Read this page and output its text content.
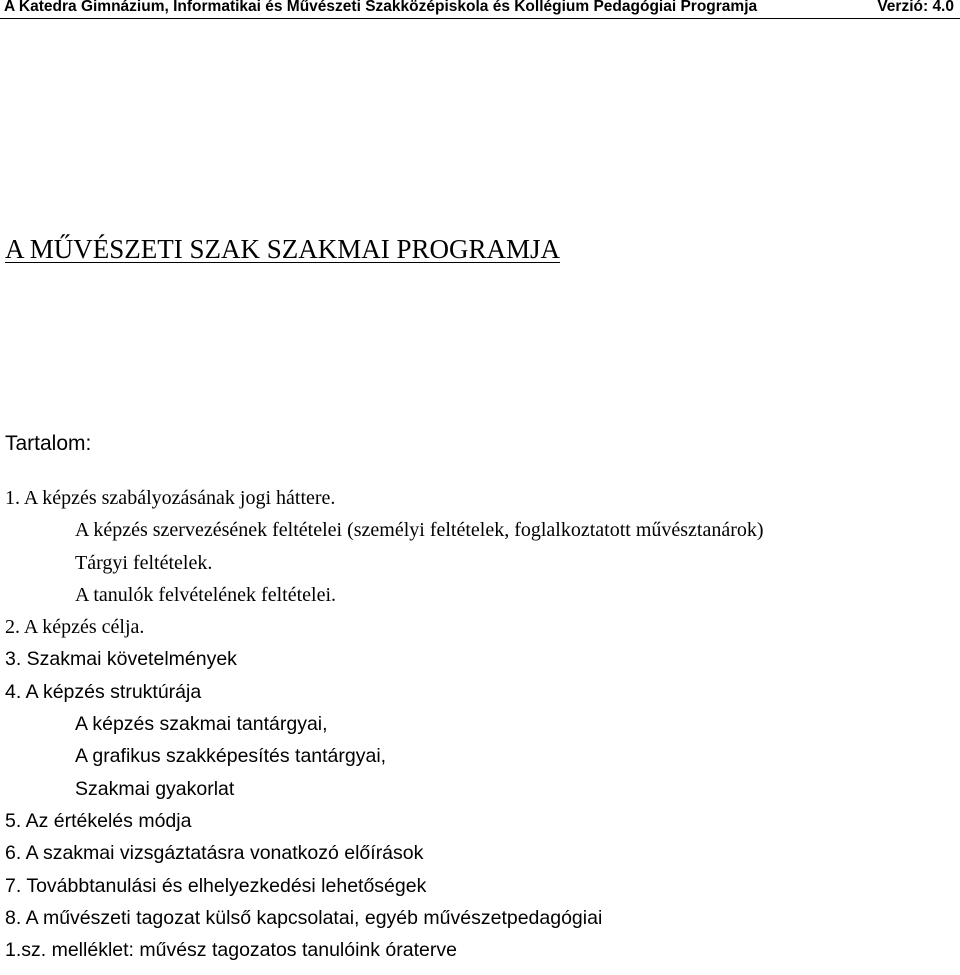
A Katedra Gimnázium, Informatikai és Művészeti Szakközépiskola és Kollégium Pedagógiai Programja	Verzió: 4.0
A MŰVÉSZETI SZAK SZAKMAI PROGRAMJA
Tartalom:
1. A képzés szabályozásának jogi háttere.
A képzés szervezésének feltételei (személyi feltételek, foglalkoztatott művésztanárok)
Tárgyi feltételek.
A tanulók felvételének feltételei.
2. A képzés célja.
3. Szakmai követelmények
4. A képzés struktúrája
A képzés szakmai tantárgyai,
A grafikus szakképesítés tantárgyai,
Szakmai gyakorlat
5. Az értékelés módja
6. A szakmai vizsgáztatásra vonatkozó előírások
7. Továbbtanulási és elhelyezkedési lehetőségek
8. A művészeti tagozat külső kapcsolatai, egyéb művészetpedagógiai
1.sz. melléklet: művész tagozatos tanulóink óraterve
